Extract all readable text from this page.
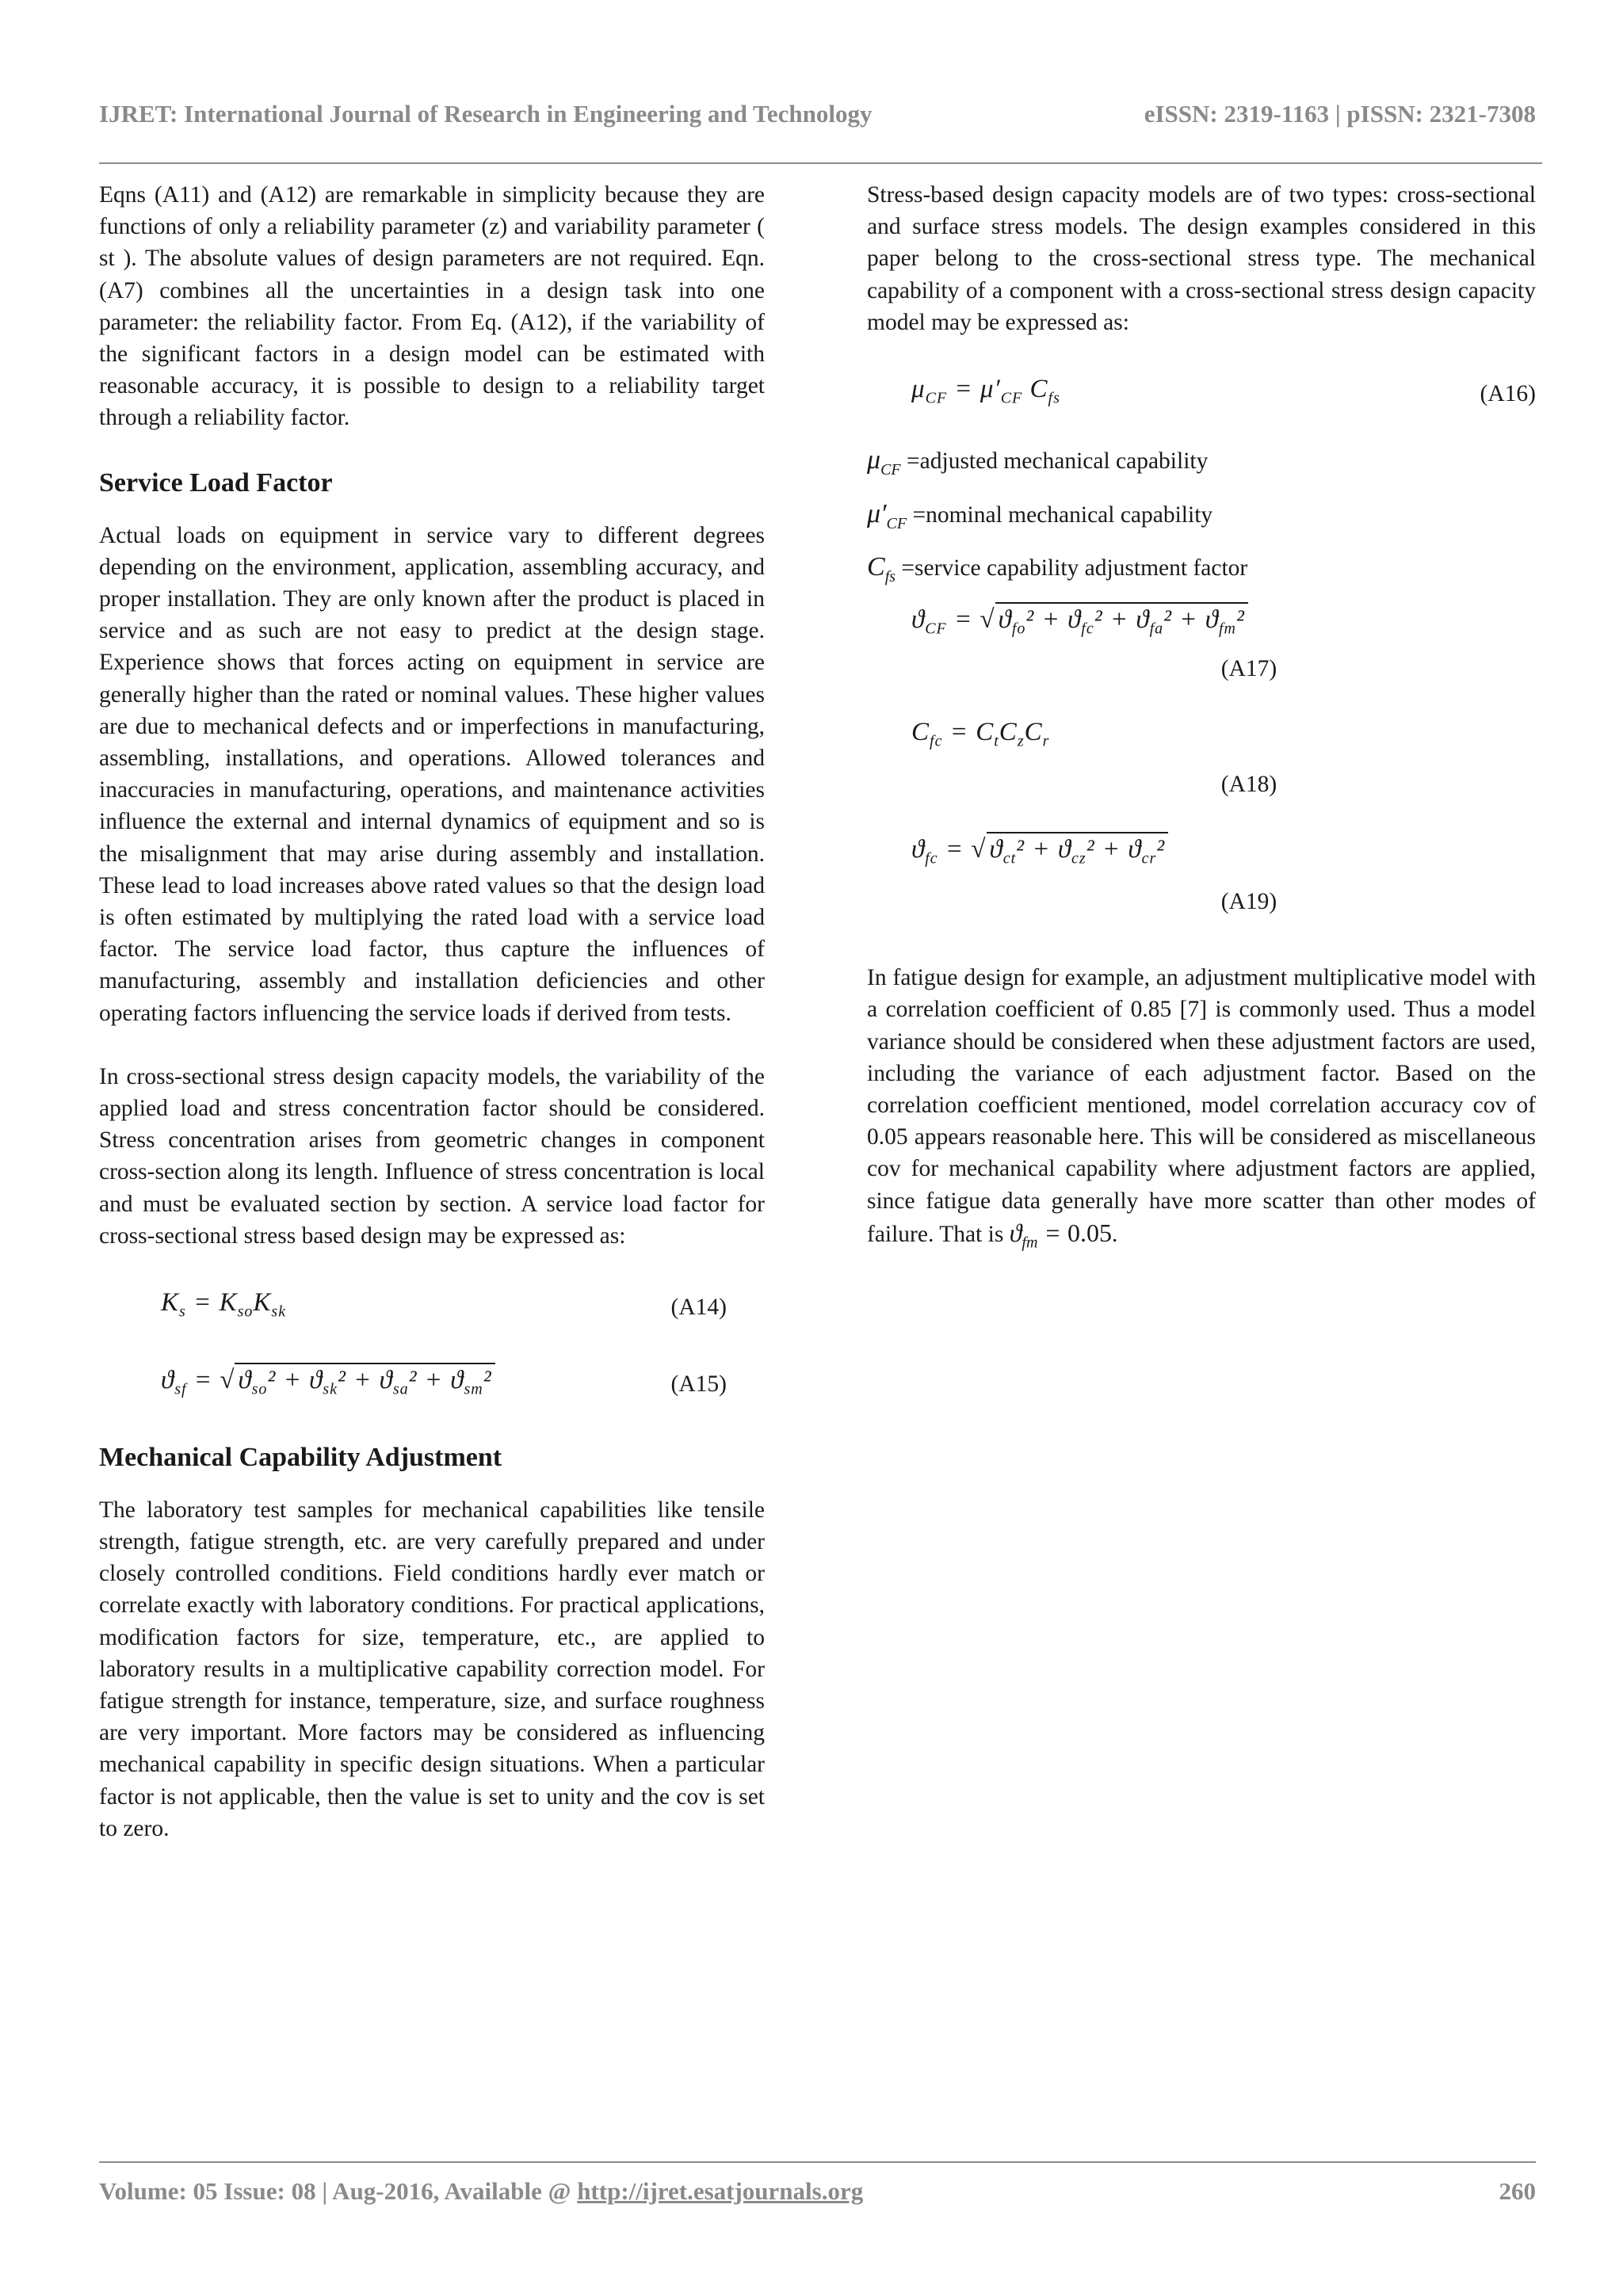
IJRET: International Journal of Research in Engineering and Technology	eISSN: 2319-1163 | pISSN: 2321-7308

Eqns (A11) and (A12) are remarkable in simplicity because they are functions of only a reliability parameter (z) and variability parameter ( st ). The absolute values of design parameters are not required. Eqn. (A7) combines all the uncertainties in a design task into one parameter: the reliability factor. From Eq. (A12), if the variability of the significant factors in a design model can be estimated with reasonable accuracy, it is possible to design to a reliability target through a reliability factor.

Service Load Factor

Actual loads on equipment in service vary to different degrees depending on the environment, application, assembling accuracy, and proper installation. They are only known after the product is placed in service and as such are not easy to predict at the design stage. Experience shows that forces acting on equipment in service are generally higher than the rated or nominal values. These higher values are due to mechanical defects and or imperfections in manufacturing, assembling, installations, and operations. Allowed tolerances and inaccuracies in manufacturing, operations, and maintenance activities influence the external and internal dynamics of equipment and so is the misalignment that may arise during assembly and installation. These lead to load increases above rated values so that the design load is often estimated by multiplying the rated load with a service load factor. The service load factor, thus capture the influences of manufacturing, assembly and installation deficiencies and other operating factors influencing the service loads if derived from tests.

In cross-sectional stress design capacity models, the variability of the applied load and stress concentration factor should be considered. Stress concentration arises from geometric changes in component cross-section along its length. Influence of stress concentration is local and must be evaluated section by section. A service load factor for cross-sectional stress based design may be expressed as:

$K_s = K_{so}K_{sk}$	(A14)
$ϑ_{sf}$ = √ $ϑ_{so}^2 + ϑ_{sk}^2 + ϑ_{sa}^2 + ϑ_{sm}^2$	(A15)
Mechanical Capability Adjustment

The laboratory test samples for mechanical capabilities like tensile strength, fatigue strength, etc. are very carefully prepared and under closely controlled conditions. Field conditions hardly ever match or correlate exactly with laboratory conditions. For practical applications, modification factors for size, temperature, etc., are applied to laboratory results in a multiplicative capability correction model. For fatigue strength for instance, temperature, size, and surface roughness are very important. More factors may be considered as influencing mechanical capability in specific design situations. When a particular factor is not applicable, then the value is set to unity and the cov is set to zero.

Stress-based design capacity models are of two types: cross-sectional and surface stress models. The design examples considered in this paper belong to the cross-sectional stress type. The mechanical capability of a component with a cross-sectional stress design capacity model may be expressed as:

$\mu_{CF} = \mu'_{CF}$ $C_{fs}$	(A16)
$\mu_{CF}$ =adjusted mechanical capability
$\mu'_{CF}$ =nominal mechanical capability
$C_{fs}$ =service capability adjustment factor
$ϑ_{CF}$ = √ $ϑ_{fo}^2 + ϑ_{fc}^2 + ϑ_{fa}^2 + ϑ_{fm}^2$
(A17)
$C_{fc} = C_tC_zC_r$
(A18)
$ϑ_{fc}$ = √ $ϑ_{ct}^2 + ϑ_{cz}^2 + ϑ_{cr}^2$
(A19)

In fatigue design for example, an adjustment multiplicative model with a correlation coefficient of 0.85 [7] is commonly used. Thus a model variance should be considered when these adjustment factors are used, including the variance of each adjustment factor. Based on the correlation coefficient mentioned, model correlation accuracy cov of 0.05 appears reasonable here. This will be considered as miscellaneous cov for mechanical capability where adjustment factors are applied, since fatigue data generally have more scatter than other modes of failure. That is $ϑ_{fm} = 0.05$.

Volume: 05 Issue: 08 | Aug-2016, Available @ http://ijret.esatjournals.org	260
